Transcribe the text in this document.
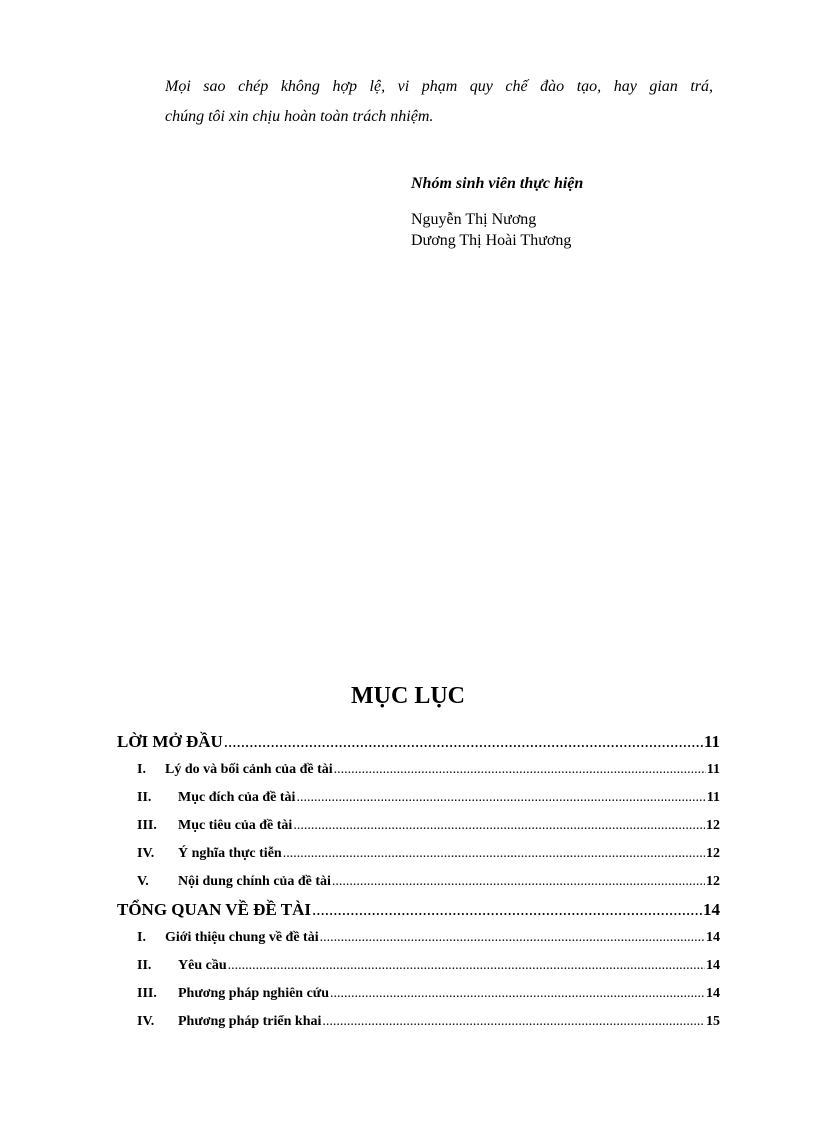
Mọi sao chép không hợp lệ, vi phạm quy chế đào tạo, hay gian trá,
chúng tôi xin chịu hoàn toàn trách nhiệm.
Nhóm sinh viên thực hiện
Nguyễn Thị Nương
Dương Thị Hoài Thương
MỤC LỤC
LỜI MỞ ĐẦU .....	11
I.	Lý do và bối cảnh của đề tài .....	11
II.	Mục đích của đề tài .....	11
III.	Mục tiêu của đề tài .....	12
IV.	Ý nghĩa thực tiễn .....	12
V.	Nội dung chính của đề tài .....	12
TỔNG QUAN VỀ ĐỀ TÀI .....	14
I.	Giới thiệu chung về đề tài .....	14
II.	Yêu cầu .....	14
III.	Phương pháp nghiên cứu .....	14
IV.	Phương pháp triển khai .....	15
